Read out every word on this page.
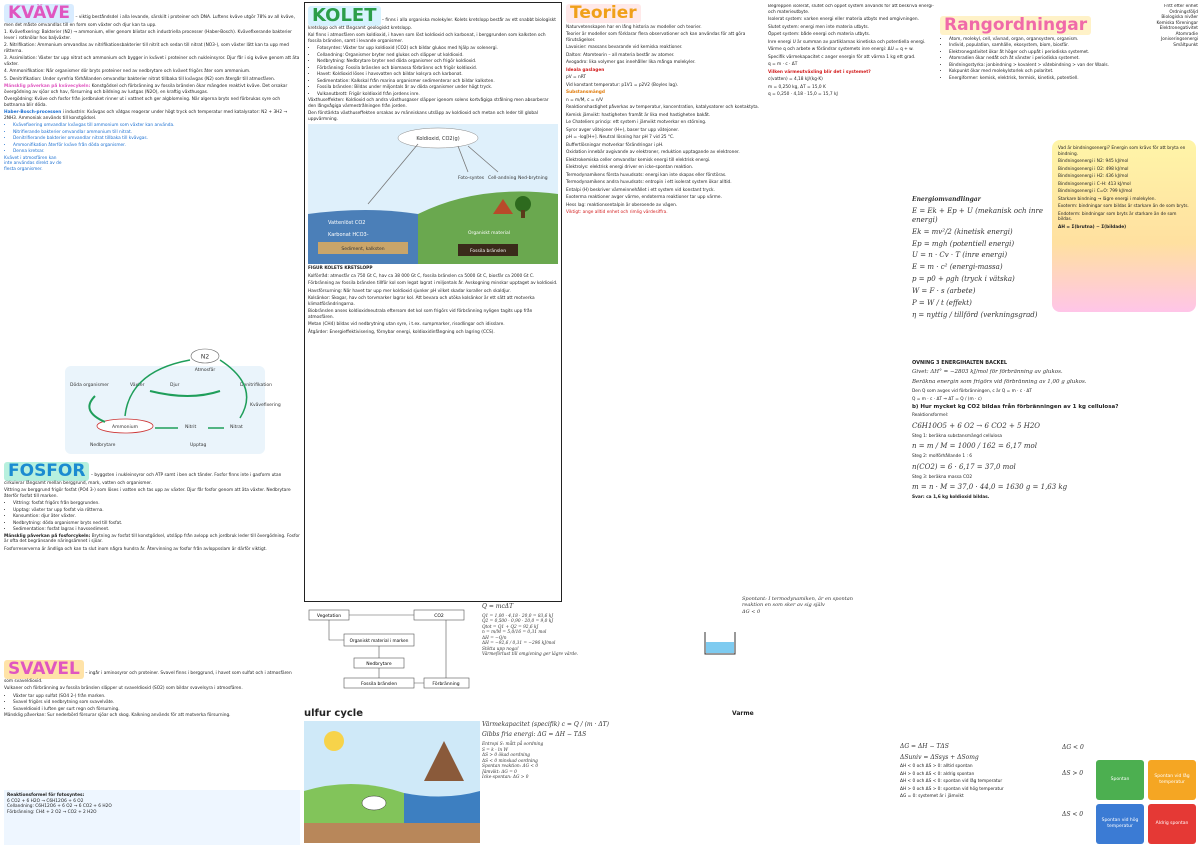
KVÄVE – viktig beståndsdel i alla levande, särskilt i proteiner och DNA. Luftens kväve utgör 78% av all kväve, men det måste omvandlas till en form som växter och djur kan ta upp.
1. Kvävefixering: Bakterier (N2) → ammonium, eller genom blixtar och industriella processer (Haber-Bosch). Kvävefixerande bakterier lever i rotknölar hos baljväxter.
2. Nitrifikation: Ammonium omvandlas av nitrifikationsbakterier till nitrit och sedan till nitrat (NO3-), som växter lätt kan ta upp med rötterna.
3. Assimilation: Växter tar upp nitrat och ammonium och bygger in kvävet i proteiner och nukleinsyror. Djur får i sig kväve genom att äta växter.
4. Ammonifikation: När organismer dör bryts proteiner ned av nedbrytare och kvävet frigörs åter som ammonium.
5. Denitrifikation: Under syrefria förhållanden omvandlar bakterier nitrat tillbaka till kvävgas (N2) som återgår till atmosfären.
Mänsklig påverkan på kvävecykeln: Konstgödsel och förbränning av fossila bränslen ökar mängden reaktivt kväve. Det orsakar övergödning av sjöar och hav, försurning och bildning av lustgas (N2O), en kraftig växthusgas.
Övergödning: Kväve och fosfor från jordbruket rinner ut i vattnet och ger algblomning. När algerna bryts ned förbrukas syre och bottnarna blir döda.
Haber-Bosch-processen i industrin: Kvävgas och vätgas reagerar under högt tryck och temperatur med katalysator: N2 + 3H2 → 2NH3. Ammoniak används till konstgödsel.
• Kvävefixering omvandlar kvävgas till ammonium som växter kan använda.
• Nitrifierande bakterier omvandlar ammonium till nitrat.
• Denitrifierande bakterier omvandlar nitrat tillbaka till kvävgas.
• Ammonifikation återför kväve från döda organismer.
• Denna kretsar.
Kvävet i atmosfären kan inte användas direkt av de flesta organismer.
N2
Atmosfär
Döda organismer	Växter	Djur	Denitrifikation
Kvävefixering
Ammonium	Nitrit	Nitrat
Nedbrytare	Upptag
FOSFOR – byggsten i nukleinsyror och ATP samt i ben och tänder. Fosfor finns inte i gasform utan cirkulerar långsamt mellan berggrund, mark, vatten och organismer.
Vittring av berggrund frigör fosfat (PO4 3-) som löses i vatten och tas upp av växter. Djur får fosfor genom att äta växter. Nedbrytare återför fosfat till marken.
• Vittring: fosfat frigörs från berggrunden.
• Upptag: växter tar upp fosfat via rötterna.
• Konsumtion: djur äter växter.
• Nedbrytning: döda organismer bryts ned till fosfat.
• Sedimentation: fosfat lagras i havssediment.
Mänsklig påverkan på fosforcykeln: Brytning av fosfat till konstgödsel, utsläpp från avlopp och jordbruk leder till övergödning. Fosfor är ofta det begränsande näringsämnet i sjöar.
Fosforreserverna är ändliga och kan ta slut inom några hundra år. Återvinning av fosfor från avloppsslam är därför viktigt.
SVAVEL – ingår i aminosyror och proteiner. Svavel finns i berggrund, i havet som sulfat och i atmosfären som svaveldioxid.
Vulkaner och förbränning av fossila bränslen släpper ut svaveldioxid (SO2) som bildar svavelsyra i atmosfären.
• Växter tar upp sulfat (SO4 2-) från marken.
• Svavel frigörs vid nedbrytning som svavelväte.
• Svaveldioxid i luften ger surt regn och försurning.
Mänsklig påverkan: Sur nederbörd försurar sjöar och skog. Kalkning används för att motverka försurning.
Reaktionsformel för fotosyntes:
6 CO2 + 6 H2O → C6H12O6 + 6 O2
Cellandning: C6H12O6 + 6 O2 → 6 CO2 + 6 H2O
Förbränning: CH4 + 2 O2 → CO2 + 2 H2O
KOLET – finns i alla organiska molekyler. Kolets kretslopp består av ett snabbt biologiskt kretslopp och ett långsamt geologiskt kretslopp.
Kol finns i atmosfären som koldioxid, i haven som löst koldioxid och karbonat, i berggrunden som kalksten och fossila bränslen, samt i levande organismer.
• Fotosyntes: Växter tar upp koldioxid (CO2) och bildar glukos med hjälp av solenergi.
• Cellandning: Organismer bryter ned glukos och släpper ut koldioxid.
• Nedbrytning: Nedbrytare bryter ned döda organismer och frigör koldioxid.
• Förbränning: Fossila bränslen och biomassa förbränns och frigör koldioxid.
• Havet: Koldioxid löses i havsvatten och bildar kolsyra och karbonat.
• Sedimentation: Kalkskal från marina organismer sedimenterar och bildar kalksten.
• Fossila bränslen: Bildas under miljontals år av döda organismer under högt tryck.
• Vulkanutbrott: Frigör koldioxid från jordens inre.
Växthuseffekten: Koldioxid och andra växthusgaser släpper igenom solens kortvågiga strålning men absorberar den långvågiga värmestrålningen från jorden.
Den förstärkta växthuseffekten orsakas av människans utsläpp av koldioxid och metan och leder till global uppvärmning.
Koldioxid, CO2(g)
Foto-syntes Cell-andning Ned-brytning
Vattenlöst CO2
Karbonat HCO3-
Sediment, kalksten
Organiskt material
Fossila bränslen
FIGUR KOLETS KRETSLOPP
Kolförråd: atmosfär ca 750 Gt C, hav ca 38 000 Gt C, fossila bränslen ca 5000 Gt C, biosfär ca 2000 Gt C.
Förbränning av fossila bränslen tillför kol som legat lagrat i miljontals år. Avskogning minskar upptaget av koldioxid.
Havsförsurning: När havet tar upp mer koldioxid sjunker pH vilket skadar koraller och skaldjur.
Kolsänkor: Skogar, hav och torvmarker lagrar kol. Att bevara och utöka kolsänkor är ett sätt att motverka klimatförändringarna.
Biobränslen anses koldioxidneutrala eftersom det kol som frigörs vid förbränning nyligen tagits upp från atmosfären.
Metan (CH4) bildas vid nedbrytning utan syre, i t.ex. sumpmarker, risodlingar och idisslare.
Åtgärder: Energieffektivisering, förnybar energi, koldioxidinfångning och lagring (CCS).
Vegetation	CO2
Organiskt material i marken
Nedbrytare
Fossila bränslen	Förbränning
ulfur cycle
Q = mcΔT
Q1 = 1,00 · 4,18 · 20,0 = 83,6 kJ
Q2 = 0,500 · 0,90 · 20,0 = 9,0 kJ
Qtot = Q1 + Q2 = 92,6 kJ
n = m/M = 5,0/16 = 0,31 mol
ΔH = −Q/n
ΔH = −92,6 / 0,31 = −296 kJ/mol
Stötta upp noga!
Värmeförlust till omgivning ger lägre värde.
Spontant: I termodynamiken, är en spontan
reaktion en som sker av sig själv
ΔG < 0
Varme
Värmekapacitet (specifik) c = Q / (m · ΔT)
Gibbs fria energi: ΔG = ΔH − TΔS
Entropi S: mått på oordning
S = k · ln W
ΔS > 0 ökad oordning
ΔS < 0 minskad oordning
Spontan reaktion: ΔG < 0
Jämvikt: ΔG = 0
Icke-spontan: ΔG > 0
Teorier
Naturvetenskapen har en lång historia av modeller och teorier.
Teorier är modeller som förklarar flera observationer och kan användas för att göra förutsägelser.
Lavoisier: massans bevarande vid kemiska reaktioner.
Dalton: Atomteorin – all materia består av atomer.
Avogadro: lika volymer gas innehåller lika många molekyler.
Ideala gaslagen
pV = nRT
Vid konstant temperatur: p1V1 = p2V2 (Boyles lag).
Substansmängd
n = m/M, c = n/V
Reaktionshastighet påverkas av temperatur, koncentration, katalysatorer och kontaktyta.
Kemisk jämvikt: hastigheten framåt är lika med hastigheten bakåt.
Le Chateliers princip: ett system i jämvikt motverkar en störning.
Syror avger vätejoner (H+), baser tar upp vätejoner.
pH = -log[H+]. Neutral lösning har pH 7 vid 25 °C.
Buffertlösningar motverkar förändringar i pH.
Oxidation innebär avgivande av elektroner, reduktion upptagande av elektroner.
Elektrokemiska celler omvandlar kemisk energi till elektrisk energi.
Elektrolys: elektrisk energi driver en icke-spontan reaktion.
Termodynamikens första huvudsats: energi kan inte skapas eller förstöras.
Termodynamikens andra huvudsats: entropin i ett isolerat system ökar alltid.
Entalpi (H) beskriver värmeinnehållet i ett system vid konstant tryck.
Exoterma reaktioner avger värme, endoterma reaktioner tar upp värme.
Hess lag: reaktionsentalpin är oberoende av vägen.
Viktigt: ange alltid enhet och rimlig värdesiffra.
Begreppen isolerat, slutet och öppet system används för att beskriva energi- och materieutbyte.
Isolerat system: varken energi eller materia utbyts med omgivningen.
Slutet system: energi men inte materia utbyts.
Öppet system: både energi och materia utbyts.
Inre energi U är summan av partiklarnas kinetiska och potentiella energi.
Värme q och arbete w förändrar systemets inre energi: ΔU = q + w.
Specifik värmekapacitet c anger energin för att värma 1 kg ett grad.
q = m · c · ΔT
Vilken värmeutväxling blir det i systemet?
c(vatten) = 4,18 kJ/(kg·K)
m = 0,250 kg, ΔT = 15,0 K
q = 0,250 · 4,18 · 15,0 = 15,7 kJ
Rangordningar
• Atom, molekyl, cell, vävnad, organ, organsystem, organism.
• Individ, population, samhälle, ekosystem, biom, biosfär.
• Elektronegativitet ökar åt höger och uppåt i periodiska systemet.
• Atomradien ökar nedåt och åt vänster i periodiska systemet.
• Bindningsstyrka: jonbindning > kovalent > vätebindning > van der Waals.
• Kokpunkt ökar med molekylstorlek och polaritet.
• Energiformer: kemisk, elektrisk, termisk, kinetisk, potentiell.
Fritt efter enhet
Ordningsföljd
Biologiska nivåer
Kemiska föreningar
Elektronegativitet
Atomradie
Joniseringsenergi
Smältpunkt
Vad är bindningsenergi? Energin som krävs för att bryta en bindning.
Bindningsenergi i N2: 945 kJ/mol
Bindningsenergi i O2: 498 kJ/mol
Bindningsenergi i H2: 436 kJ/mol
Bindningsenergi i C–H: 413 kJ/mol
Bindningsenergi i C=O: 799 kJ/mol
Starkare bindning → lägre energi i molekylen.
Exoterm: bindningar som bildas är starkare än de som bryts.
Endoterm: bindningar som bryts är starkare än de som bildas.
ΔH = Σ(brutna) − Σ(bildade)
Energiomvandlingar
E = Ek + Ep + U (mekanisk och inre energi)
Ek = mv²/2 (kinetisk energi)
Ep = mgh (potentiell energi)
U = n · Cv · T (inre energi)
E = m · c² (energi-massa)
p = p0 + ρgh (tryck i vätska)
W = F · s (arbete)
P = W / t (effekt)
η = nyttig / tillförd (verkningsgrad)
ÖVNING 3 ENERGIHALTEN BACKEL
Givet: ΔH° = −2803 kJ/mol för förbränning av glukos.
Beräkna energin som frigörs vid förbränning av 1,00 g glukos.
Den Q som avges vid förbränningen, c är Q = m · c · ΔT
Q = m · c · ΔT ⇒ ΔT = Q / (m · c)
b) Hur mycket kg CO2 bildas från förbränningen av 1 kg cellulosa?
Reaktionsformel:
C6H10O5 + 6 O2 → 6 CO2 + 5 H2O
Steg 1: beräkna substansmängd cellulosa
n = m / M = 1000 / 162 = 6,17 mol
Steg 2: molförhållande 1 : 6
n(CO2) = 6 · 6,17 = 37,0 mol
Steg 3: beräkna massa CO2
m = n · M = 37,0 · 44,0 = 1630 g = 1,63 kg
Svar: ca 1,6 kg koldioxid bildas.
ΔG = ΔH − TΔS
ΔSuniv = ΔSsys + ΔSomg
ΔH < 0 och ΔS > 0: alltid spontan
ΔH > 0 och ΔS < 0: aldrig spontan
ΔH < 0 och ΔS < 0: spontan vid låg temperatur
ΔH > 0 och ΔS > 0: spontan vid hög temperatur
ΔG = 0: systemet är i jämvikt
ΔG < 0
ΔS > 0
ΔS < 0
Spontan
Spontan vid låg temperatur
Spontan vid hög temperatur
Aldrig spontan
